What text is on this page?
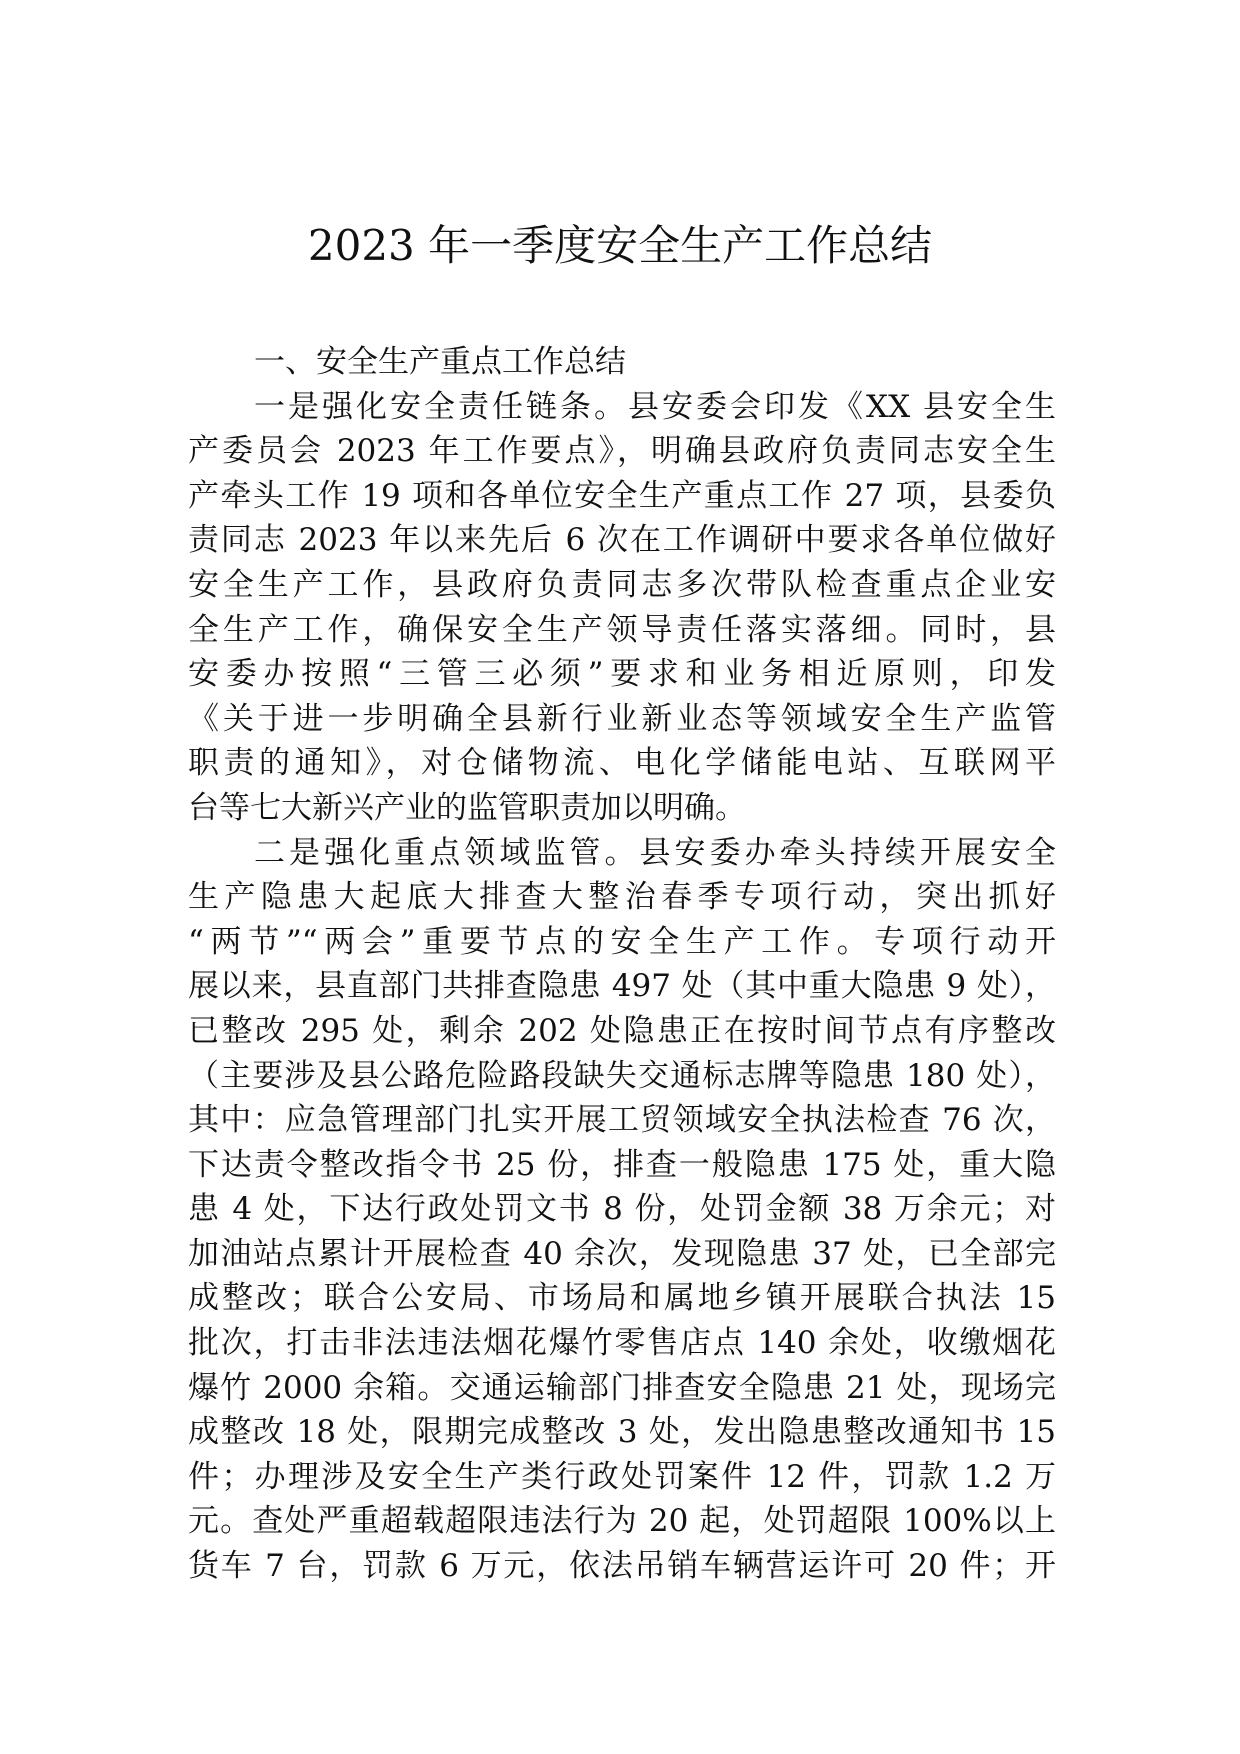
2023 年一季度安全生产工作总结
一、安全生产重点工作总结
一是强化安全责任链条。县安委会印发《XX 县安全生
产委员会 2023 年工作要点》，明确县政府负责同志安全生
产牵头工作 19 项和各单位安全生产重点工作 27 项，县委负
责同志 2023 年以来先后 6 次在工作调研中要求各单位做好
安全生产工作，县政府负责同志多次带队检查重点企业安
全生产工作，确保安全生产领导责任落实落细。同时，县
安委办按照“三管三必须”要求和业务相近原则，印发
《关于进一步明确全县新行业新业态等领域安全生产监管
职责的通知》，对仓储物流、电化学储能电站、互联网平
台等七大新兴产业的监管职责加以明确。
二是强化重点领域监管。县安委办牵头持续开展安全
生产隐患大起底大排查大整治春季专项行动，突出抓好
“两节”“两会”重要节点的安全生产工作。专项行动开
展以来，县直部门共排查隐患 497 处（其中重大隐患 9 处），
已整改 295 处，剩余 202 处隐患正在按时间节点有序整改
（主要涉及县公路危险路段缺失交通标志牌等隐患 180 处），
其中：应急管理部门扎实开展工贸领域安全执法检查 76 次，
下达责令整改指令书 25 份，排查一般隐患 175 处，重大隐
患 4 处，下达行政处罚文书 8 份，处罚金额 38 万余元；对
加油站点累计开展检查 40 余次，发现隐患 37 处，已全部完
成整改；联合公安局、市场局和属地乡镇开展联合执法 15
批次，打击非法违法烟花爆竹零售店点 140 余处，收缴烟花
爆竹 2000 余箱。交通运输部门排查安全隐患 21 处，现场完
成整改 18 处，限期完成整改 3 处，发出隐患整改通知书 15
件；办理涉及安全生产类行政处罚案件 12 件，罚款 1.2 万
元。查处严重超载超限违法行为 20 起，处罚超限 100%以上
货车 7 台，罚款 6 万元，依法吊销车辆营运许可 20 件；开
